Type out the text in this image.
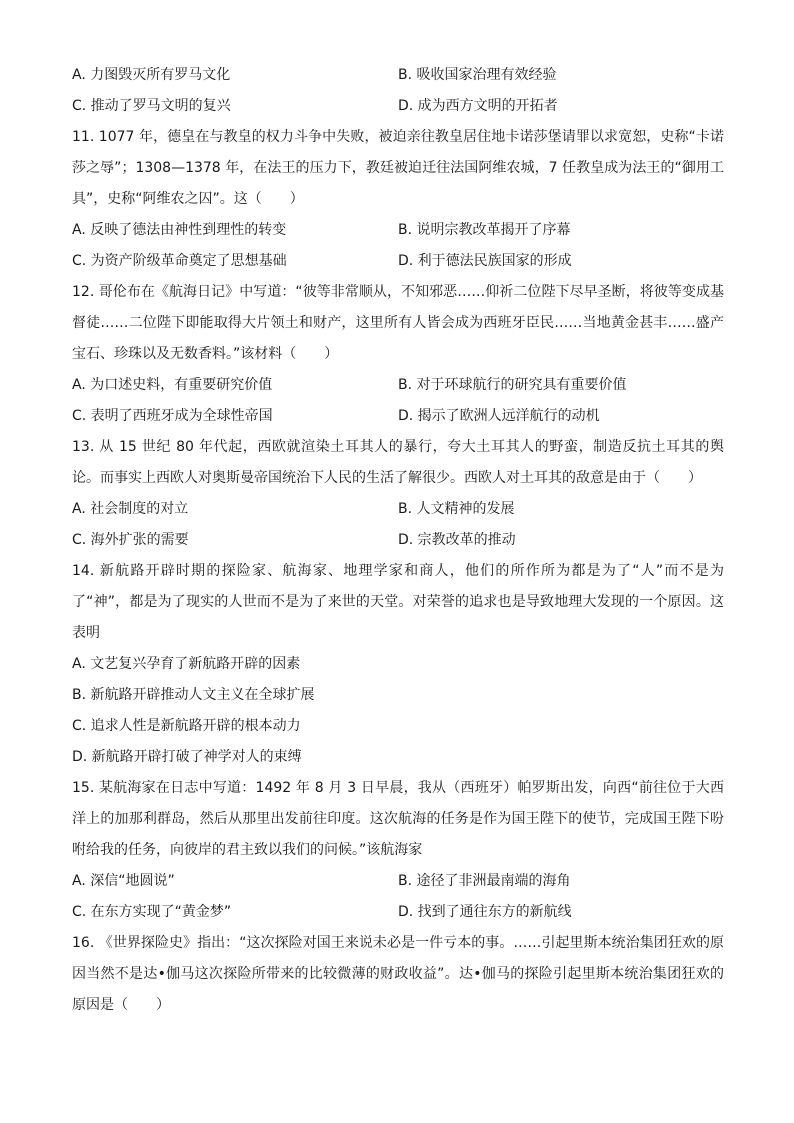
A. 力图毁灭所有罗马文化	B. 吸收国家治理有效经验
C. 推动了罗马文明的复兴	D. 成为西方文明的开拓者
11. 1077 年，德皇在与教皇的权力斗争中失败，被迫亲往教皇居住地卡诺莎堡请罪以求宽恕，史称“卡诺莎之辱”；1308—1378 年，在法王的压力下，教廷被迫迁往法国阿维农城，7 任教皇成为法王的“御用工具”，史称“阿维农之囚”。这（　　）
A. 反映了德法由神性到理性的转变	B. 说明宗教改革揭开了序幕
C. 为资产阶级革命奠定了思想基础	D. 利于德法民族国家的形成
12. 哥伦布在《航海日记》中写道：“彼等非常顺从，不知邪恶……仰祈二位陛下尽早圣断，将彼等变成基督徒……二位陛下即能取得大片领土和财产，这里所有人皆会成为西班牙臣民……当地黄金甚丰……盛产宝石、珍珠以及无数香料。”该材料（　　）
A. 为口述史料，有重要研究价值	B. 对于环球航行的研究具有重要价值
C. 表明了西班牙成为全球性帝国	D. 揭示了欧洲人远洋航行的动机
13. 从 15 世纪 80 年代起，西欧就渲染土耳其人的暴行，夸大土耳其人的野蛮，制造反抗土耳其的舆论。而事实上西欧人对奥斯曼帝国统治下人民的生活了解很少。西欧人对土耳其的敌意是由于（　　）
A. 社会制度的对立	B. 人文精神的发展
C. 海外扩张的需要	D. 宗教改革的推动
14. 新航路开辟时期的探险家、航海家、地理学家和商人，他们的所作所为都是为了“人”而不是为了“神”，都是为了现实的人世而不是为了来世的天堂。对荣誉的追求也是导致地理大发现的一个原因。这表明
A. 文艺复兴孕育了新航路开辟的因素
B. 新航路开辟推动人文主义在全球扩展
C. 追求人性是新航路开辟的根本动力
D. 新航路开辟打破了神学对人的束缚
15. 某航海家在日志中写道：1492 年 8 月 3 日早晨，我从（西班牙）帕罗斯出发，向西“前往位于大西洋上的加那利群岛，然后从那里出发前往印度。这次航海的任务是作为国王陛下的使节，完成国王陛下吩咐给我的任务，向彼岸的君主致以我们的问候。”该航海家
A. 深信“地圆说”	B. 途径了非洲最南端的海角
C. 在东方实现了“黄金梦”	D. 找到了通往东方的新航线
16. 《世界探险史》指出：“这次探险对国王来说未必是一件亏本的事。……引起里斯本统治集团狂欢的原因当然不是达•伽马这次探险所带来的比较微薄的财政收益”。达•伽马的探险引起里斯本统治集团狂欢的原因是（　　）
